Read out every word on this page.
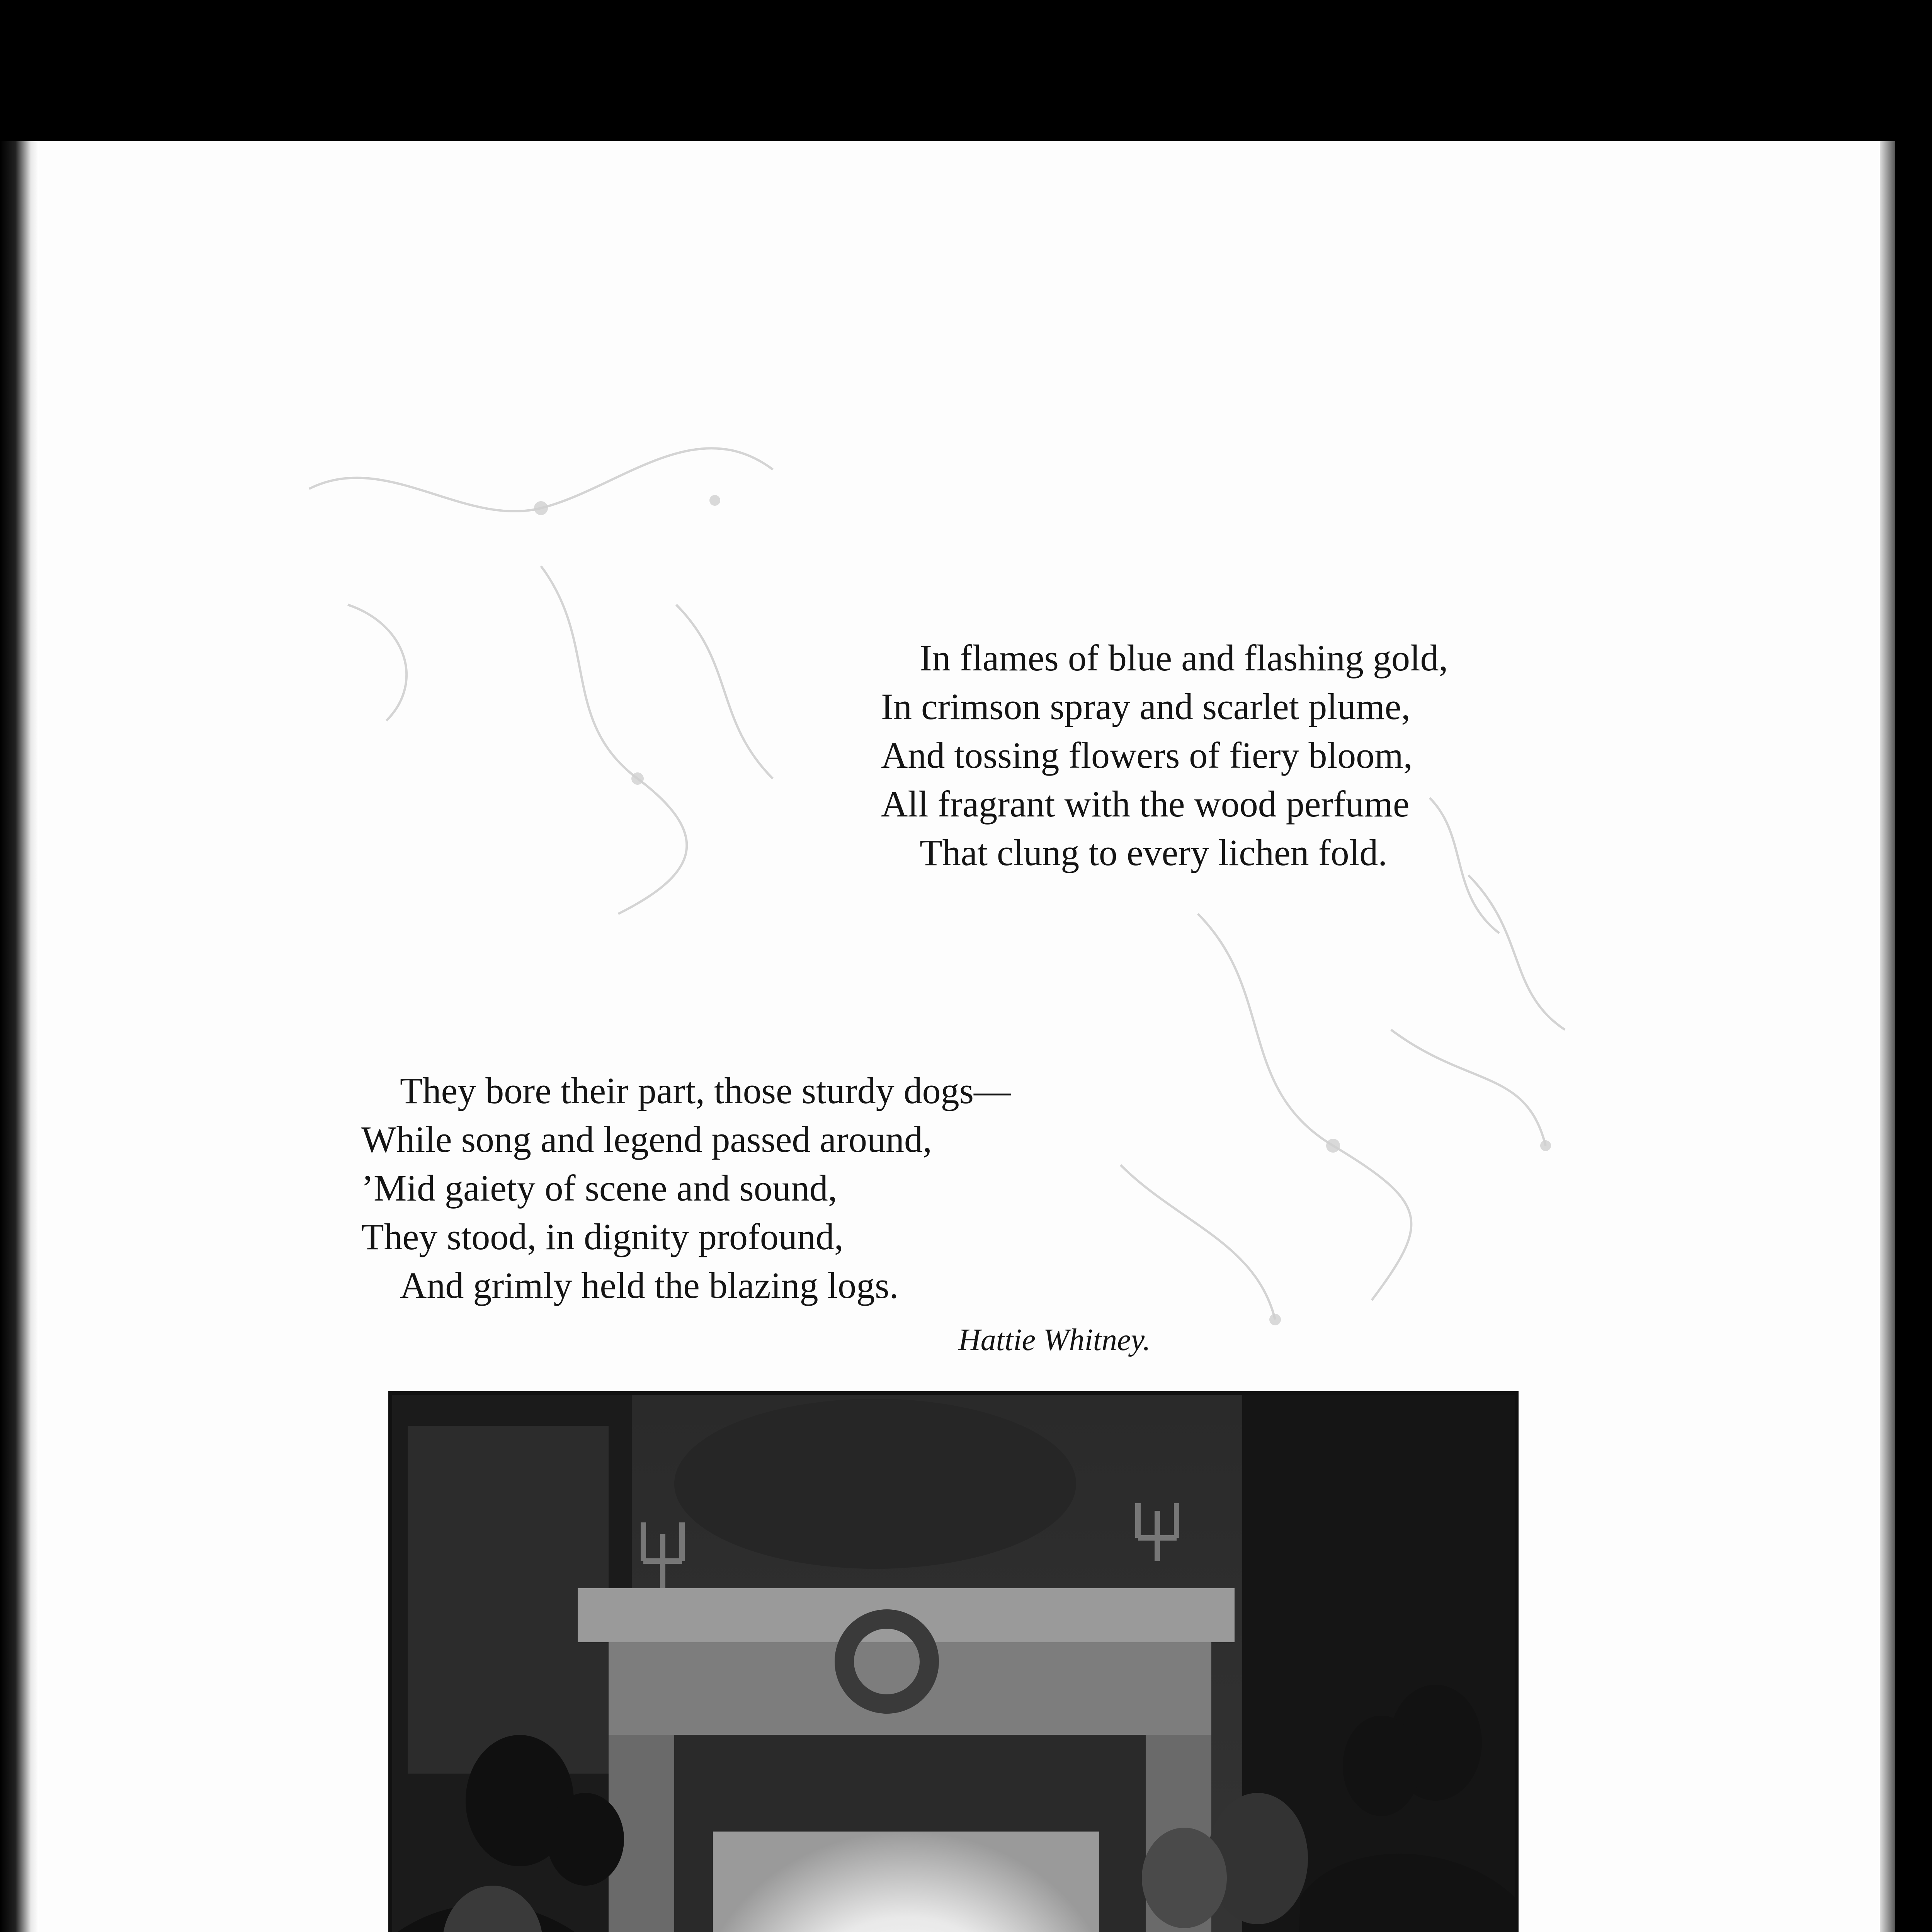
In flames of blue and flashing gold,
In crimson spray and scarlet plume,
And tossing flowers of fiery bloom,
All fragrant with the wood perfume
That clung to every lichen fold.
They bore their part, those sturdy dogs—
While song and legend passed around,
’Mid gaiety of scene and sound,
They stood, in dignity profound,
And grimly held the blazing logs.
Hattie Whitney.
